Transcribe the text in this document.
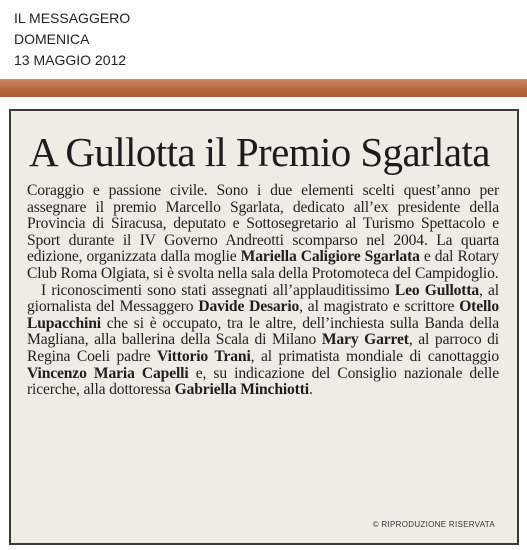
IL MESSAGGERO
DOMENICA
13 MAGGIO 2012
A Gullotta il Premio Sgarlata

Coraggio e passione civile. Sono i due elementi scelti quest’anno per assegnare il premio Marcello Sgarlata, dedicato all’ex presidente della Provincia di Siracusa, deputato e Sottosegretario al Turismo Spettacolo e Sport durante il IV Governo Andreotti scomparso nel 2004. La quarta edizione, organizzata dalla moglie Mariella Caligiore Sgarlata e dal Rotary Club Roma Olgiata, si è svolta nella sala della Protomoteca del Campidoglio.

I riconoscimenti sono stati assegnati all’applauditissimo Leo Gullotta, al giornalista del Messaggero Davide Desario, al magistrato e scrittore Otello Lupacchini che si è occupato, tra le altre, dell’inchiesta sulla Banda della Magliana, alla ballerina della Scala di Milano Mary Garret, al parroco di Regina Coeli padre Vittorio Trani, al primatista mondiale di canottaggio Vincenzo Maria Capelli e, su indicazione del Consiglio nazionale delle ricerche, alla dottoressa Gabriella Minchiotti.

© RIPRODUZIONE RISERVATA
